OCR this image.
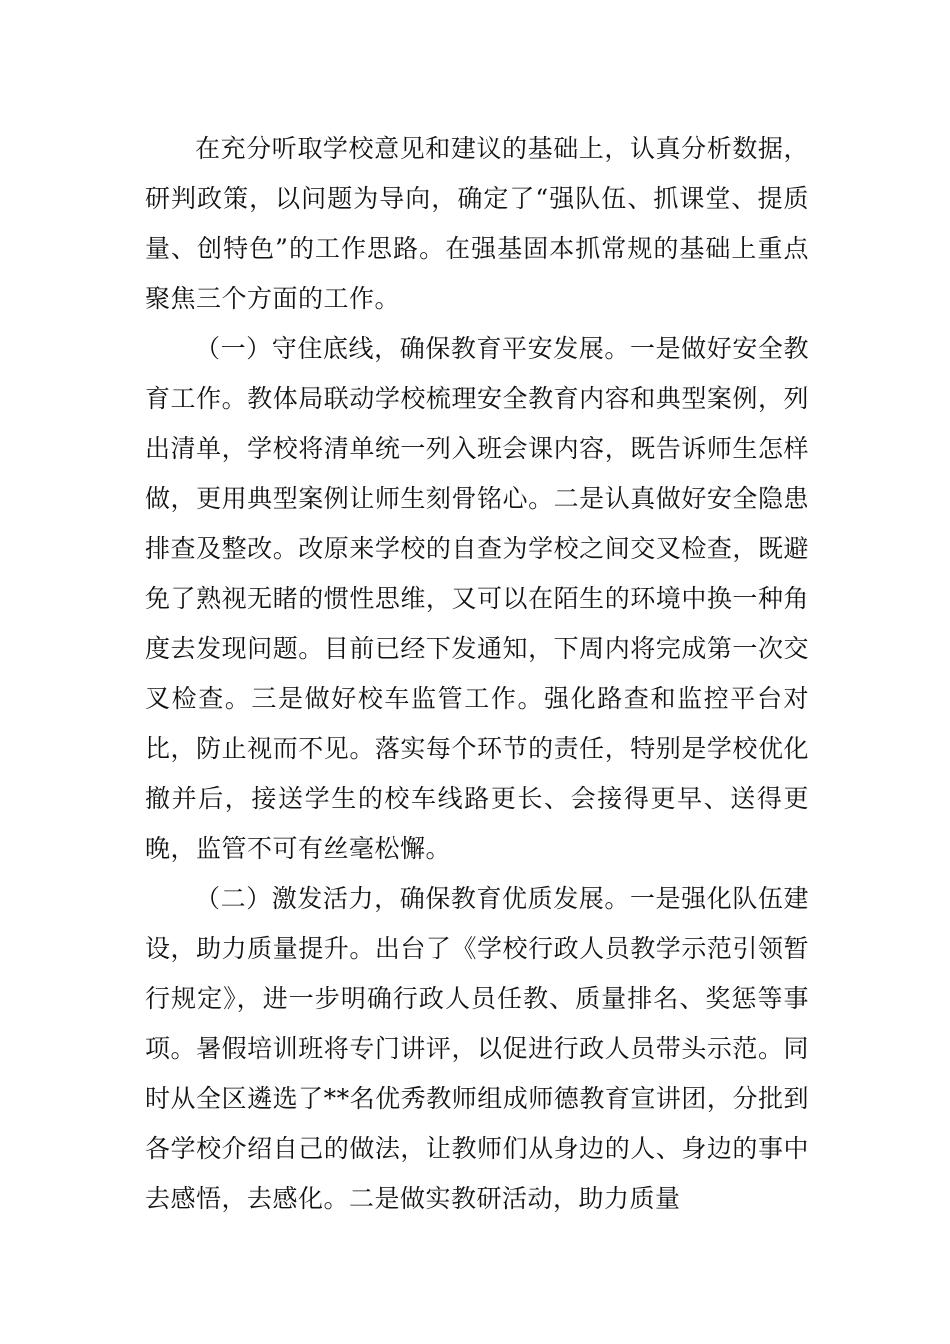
在充分听取学校意见和建议的基础上，认真分析数据，研判政策，以问题为导向，确定了“强队伍、抓课堂、提质量、创特色”的工作思路。在强基固本抓常规的基础上重点聚焦三个方面的工作。

（一）守住底线，确保教育平安发展。一是做好安全教育工作。教体局联动学校梳理安全教育内容和典型案例，列出清单，学校将清单统一列入班会课内容，既告诉师生怎样做，更用典型案例让师生刻骨铭心。二是认真做好安全隐患排查及整改。改原来学校的自查为学校之间交叉检查，既避免了熟视无睹的惯性思维，又可以在陌生的环境中换一种角度去发现问题。目前已经下发通知，下周内将完成第一次交叉检查。三是做好校车监管工作。强化路查和监控平台对比，防止视而不见。落实每个环节的责任，特别是学校优化撤并后，接送学生的校车线路更长、会接得更早、送得更晚，监管不可有丝毫松懈。

（二）激发活力，确保教育优质发展。一是强化队伍建设，助力质量提升。出台了《学校行政人员教学示范引领暂行规定》，进一步明确行政人员任教、质量排名、奖惩等事项。暑假培训班将专门讲评，以促进行政人员带头示范。同时从全区遴选了**名优秀教师组成师德教育宣讲团，分批到各学校介绍自己的做法，让教师们从身边的人、身边的事中去感悟，去感化。二是做实教研活动，助力质量
